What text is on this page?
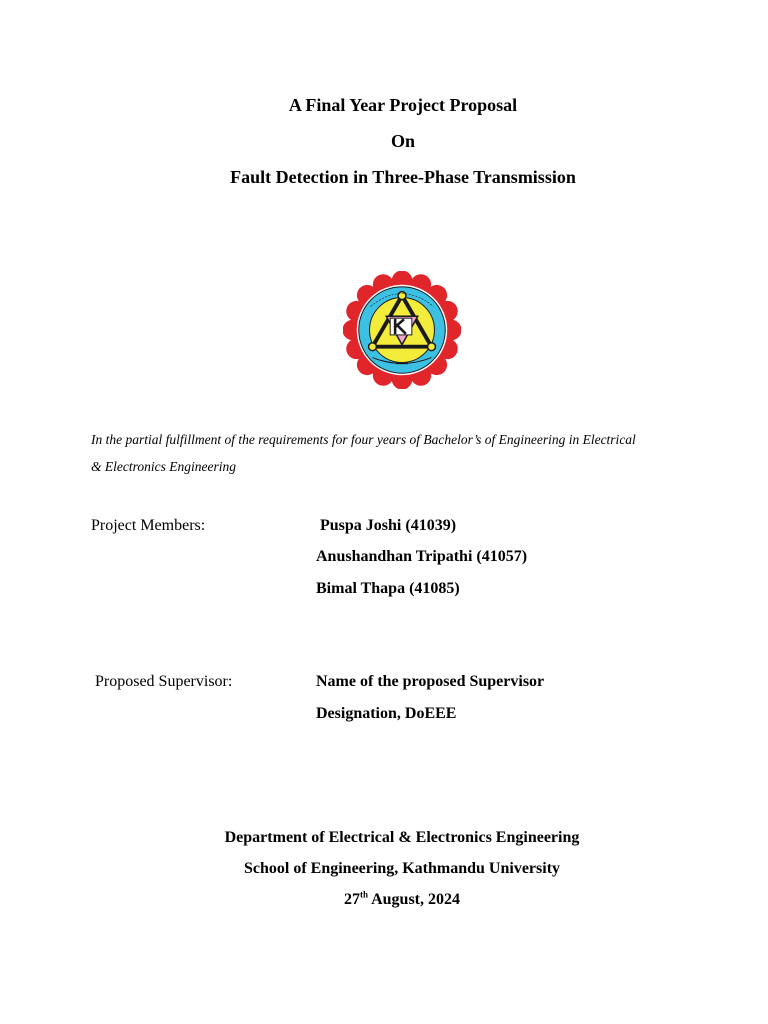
A Final Year Project Proposal
On
Fault Detection in Three-Phase Transmission
In the partial fulfillment of the requirements for four years of Bachelor’s of Engineering in Electrical
& Electronics Engineering
Project Members:	Puspa Joshi (41039)
Anushandhan Tripathi (41057)
Bimal Thapa (41085)
Proposed Supervisor:	Name of the proposed Supervisor
Designation, DoEEE
Department of Electrical & Electronics Engineering
School of Engineering, Kathmandu University
27th August, 2024
